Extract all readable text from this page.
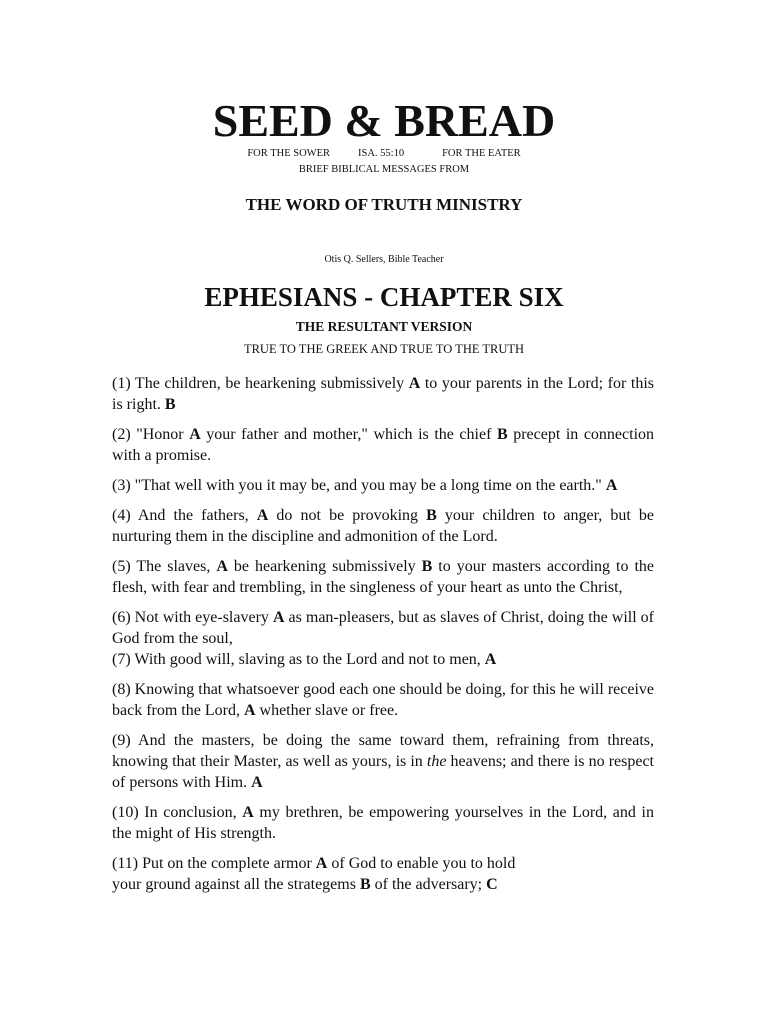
SEED & BREAD
FOR THE SOWER	ISA. 55:10	FOR THE EATER
BRIEF BIBLICAL MESSAGES FROM
THE WORD OF TRUTH MINISTRY
Otis Q. Sellers, Bible Teacher
EPHESIANS - CHAPTER SIX
THE RESULTANT VERSION
TRUE TO THE GREEK AND TRUE TO THE TRUTH

(1) The children, be hearkening submissively A to your parents in the Lord; for this is right. B

(2) "Honor A your father and mother," which is the chief B precept in connection with a promise.

(3) "That well with you it may be, and you may be a long time on the earth." A

(4) And the fathers, A do not be provoking B your children to anger, but be nurturing them in the discipline and admonition of the Lord.

(5) The slaves, A be hearkening submissively B to your masters according to the flesh, with fear and trembling, in the singleness of your heart as unto the Christ,

(6) Not with eye-slavery A as man-pleasers, but as slaves of Christ, doing the will of God from the soul,

(7) With good will, slaving as to the Lord and not to men, A

(8) Knowing that whatsoever good each one should be doing, for this he will receive back from the Lord, A whether slave or free.

(9) And the masters, be doing the same toward them, refraining from threats, knowing that their Master, as well as yours, is in the heavens; and there is no respect of persons with Him. A

(10) In conclusion, A my brethren, be empowering yourselves in the Lord, and in the might of His strength.

(11) Put on the complete armor A of God to enable you to hold
your ground against all the strategems B of the adversary; C
